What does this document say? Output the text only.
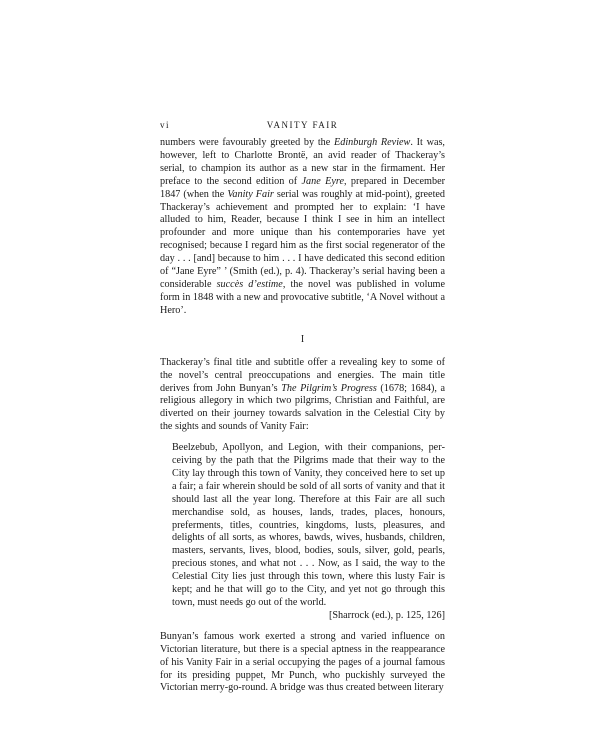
vi	VANITY FAIR

numbers were favourably greeted by the Edinburgh Review. It was, however, left to Charlotte Brontë, an avid reader of Thackeray’s serial, to champion its author as a new star in the firmament. Her preface to the second edition of Jane Eyre, prepared in December 1847 (when the Vanity Fair serial was roughly at mid-point), greeted Thackeray’s achievement and prompted her to explain: ‘I have alluded to him, Reader, because I think I see in him an intellect profounder and more unique than his contemporaries have yet recognised; because I regard him as the first social regenerator of the day . . . [and] because to him . . . I have dedicated this second edition of “Jane Eyre” ’ (Smith (ed.), p. 4). Thackeray’s serial having been a considerable succès d’estime, the novel was published in volume form in 1848 with a new and provocative subtitle, ‘A Novel without a Hero’.

I

Thackeray’s final title and subtitle offer a revealing key to some of the novel’s central preoccupations and energies. The main title derives from John Bunyan’s The Pilgrim’s Progress (1678; 1684), a religious allegory in which two pilgrims, Christian and Faithful, are diverted on their journey towards salvation in the Celestial City by the sights and sounds of Vanity Fair:

Beelzebub, Apollyon, and Legion, with their companions, perceiving by the path that the Pilgrims made that their way to the City lay through this town of Vanity, they conceived here to set up a fair; a fair wherein should be sold of all sorts of vanity and that it should last all the year long. Therefore at this Fair are all such merchandise sold, as houses, lands, trades, places, honours, preferments, titles, countries, kingdoms, lusts, pleasures, and delights of all sorts, as whores, bawds, wives, husbands, children, masters, servants, lives, blood, bodies, souls, silver, gold, pearls, precious stones, and what not . . . Now, as I said, the way to the Celestial City lies just through this town, where this lusty Fair is kept; and he that will go to the City, and yet not go through this town, must needs go out of the world.

[Sharrock (ed.), p. 125, 126]

Bunyan’s famous work exerted a strong and varied influence on Victorian literature, but there is a special aptness in the reappearance of his Vanity Fair in a serial occupying the pages of a journal famous for its presiding puppet, Mr Punch, who puckishly surveyed the Victorian merry-go-round. A bridge was thus created between literary
